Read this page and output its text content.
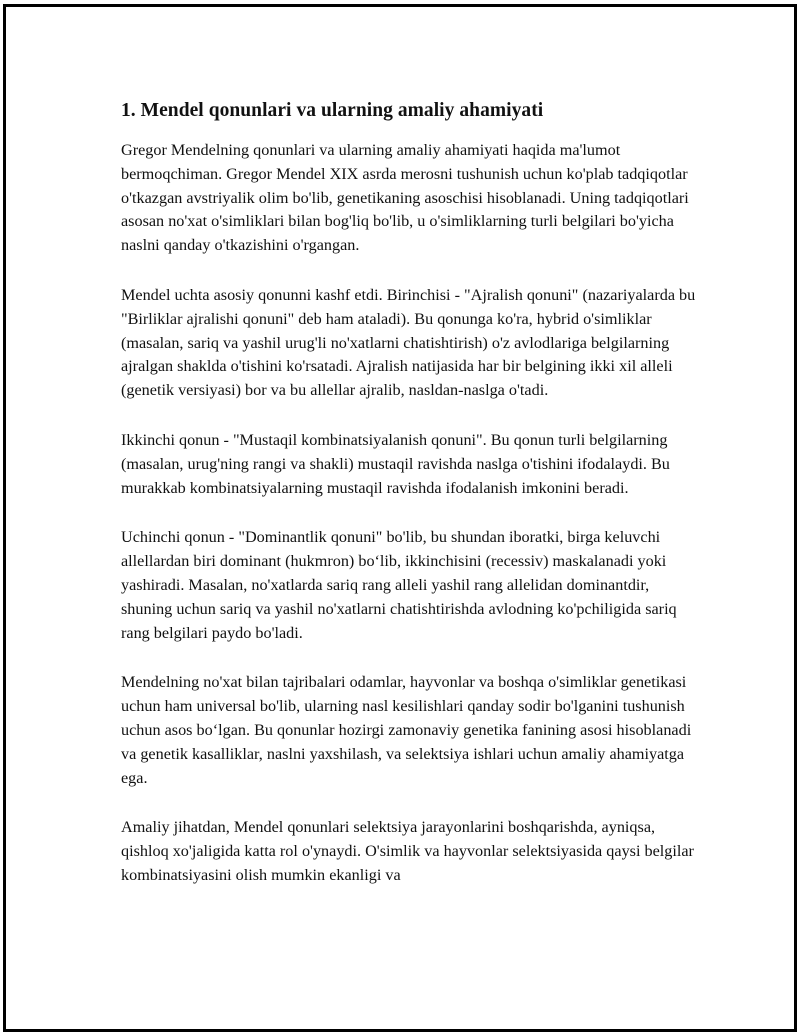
1. Mendel qonunlari va ularning amaliy ahamiyati

Gregor Mendelning qonunlari va ularning amaliy ahamiyati haqida ma'lumot bermoqchiman. Gregor Mendel XIX asrda merosni tushunish uchun ko'plab tadqiqotlar o'tkazgan avstriyalik olim bo'lib, genetikaning asoschisi hisoblanadi. Uning tadqiqotlari asosan no'xat o'simliklari bilan bog'liq bo'lib, u o'simliklarning turli belgilari bo'yicha naslni qanday o'tkazishini o'rgangan.

Mendel uchta asosiy qonunni kashf etdi. Birinchisi - "Ajralish qonuni" (nazariyalarda bu "Birliklar ajralishi qonuni" deb ham ataladi). Bu qonunga ko'ra, hybrid o'simliklar (masalan, sariq va yashil urug'li no'xatlarni chatishtirish) o'z avlodlariga belgilarning ajralgan shaklda o'tishini ko'rsatadi. Ajralish natijasida har bir belgining ikki xil alleli (genetik versiyasi) bor va bu allellar ajralib, nasldan-naslga o'tadi.

Ikkinchi qonun - "Mustaqil kombinatsiyalanish qonuni". Bu qonun turli belgilarning (masalan, urug'ning rangi va shakli) mustaqil ravishda naslga o'tishini ifodalaydi. Bu murakkab kombinatsiyalarning mustaqil ravishda ifodalanish imkonini beradi.

Uchinchi qonun - "Dominantlik qonuni" bo'lib, bu shundan iboratki, birga keluvchi allellardan biri dominant (hukmron) bo‘lib, ikkinchisini (recessiv) maskalanadi yoki yashiradi. Masalan, no'xatlarda sariq rang alleli yashil rang allelidan dominantdir, shuning uchun sariq va yashil no'xatlarni chatishtirishda avlodning ko'pchiligida sariq rang belgilari paydo bo'ladi.

Mendelning no'xat bilan tajribalari odamlar, hayvonlar va boshqa o'simliklar genetikasi uchun ham universal bo'lib, ularning nasl kesilishlari qanday sodir bo'lganini tushunish uchun asos bo‘lgan. Bu qonunlar hozirgi zamonaviy genetika fanining asosi hisoblanadi va genetik kasalliklar, naslni yaxshilash, va selektsiya ishlari uchun amaliy ahamiyatga ega.

Amaliy jihatdan, Mendel qonunlari selektsiya jarayonlarini boshqarishda, ayniqsa, qishloq xo'jaligida katta rol o'ynaydi. O'simlik va hayvonlar selektsiyasida qaysi belgilar kombinatsiyasini olish mumkin ekanligi va
